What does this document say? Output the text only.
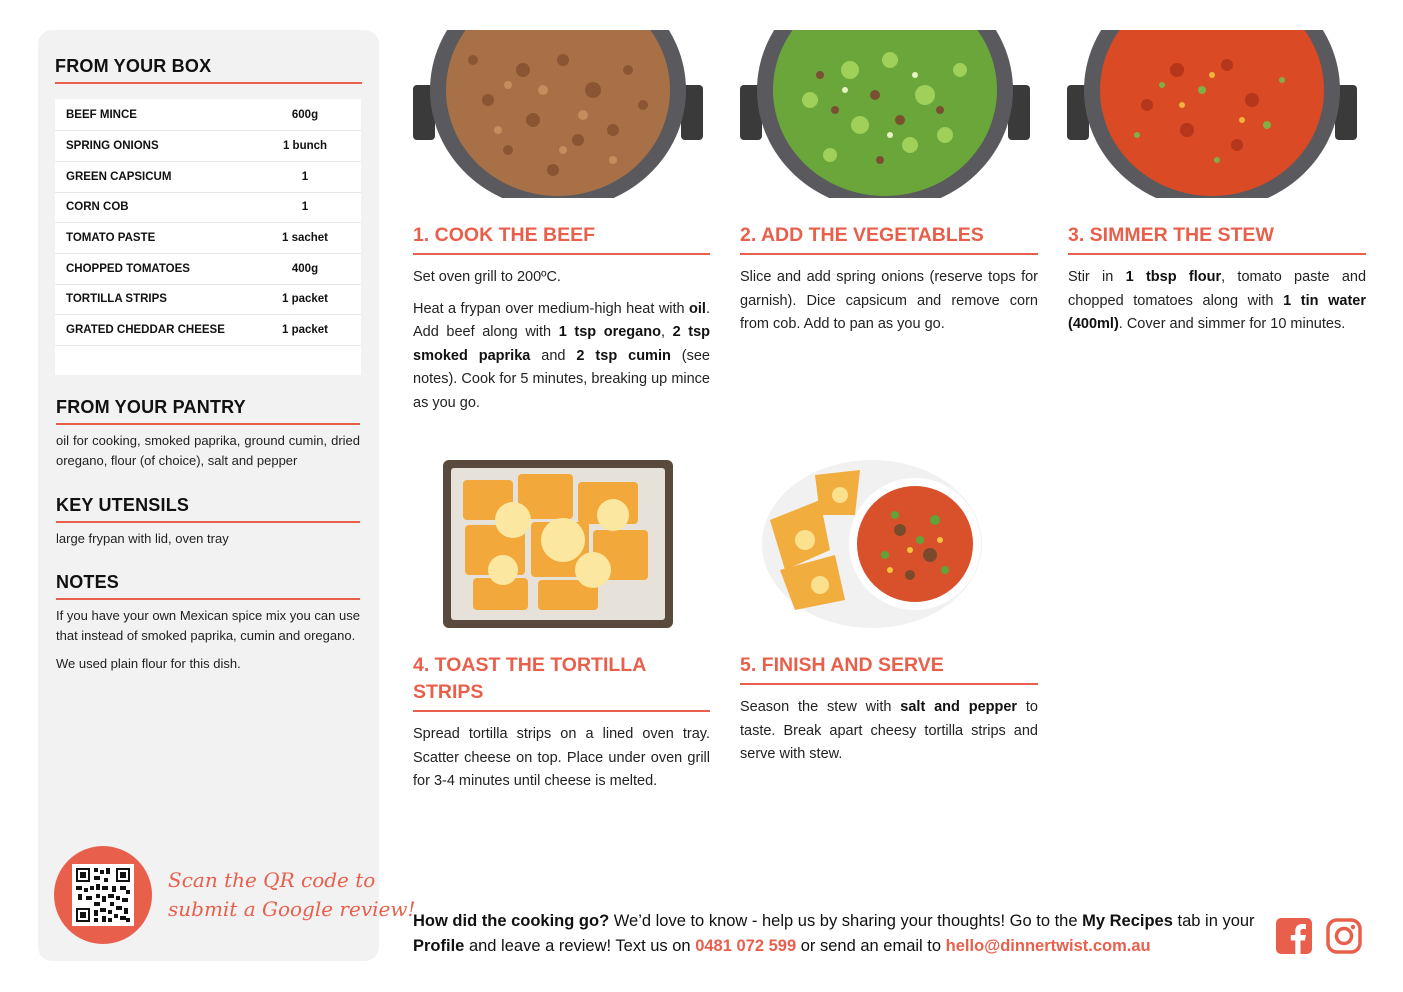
FROM YOUR BOX
BEEF MINCE	600g
SPRING ONIONS	1 bunch
GREEN CAPSICUM	1
CORN COB	1
TOMATO PASTE	1 sachet
CHOPPED TOMATOES	400g
TORTILLA STRIPS	1 packet
GRATED CHEDDAR CHEESE	1 packet
FROM YOUR PANTRY
oil for cooking, smoked paprika, ground cumin, dried oregano, flour (of choice), salt and pepper
KEY UTENSILS
large frypan with lid, oven tray
NOTES

If you have your own Mexican spice mix you can use that instead of smoked paprika, cumin and oregano.

We used plain flour for this dish.

Scan the QR code to
submit a Google review!
1. COOK THE BEEF

Set oven grill to 200ºC.

Heat a frypan over medium-high heat with oil. Add beef along with 1 tsp oregano, 2 tsp smoked paprika and 2 tsp cumin (see notes). Cook for 5 minutes, breaking up mince as you go.

2. ADD THE VEGETABLES

Slice and add spring onions (reserve tops for garnish). Dice capsicum and remove corn from cob. Add to pan as you go.

3. SIMMER THE STEW

Stir in 1 tbsp flour, tomato paste and chopped tomatoes along with 1 tin water (400ml). Cover and simmer for 10 minutes.

4. TOAST THE TORTILLA STRIPS

Spread tortilla strips on a lined oven tray. Scatter cheese on top. Place under oven grill for 3-4 minutes until cheese is melted.

5. FINISH AND SERVE

Season the stew with salt and pepper to taste. Break apart cheesy tortilla strips and serve with stew.

How did the cooking go? We’d love to know - help us by sharing your thoughts! Go to the My Recipes tab in your Profile and leave a review! Text us on 0481 072 599 or send an email to hello@dinnertwist.com.au
